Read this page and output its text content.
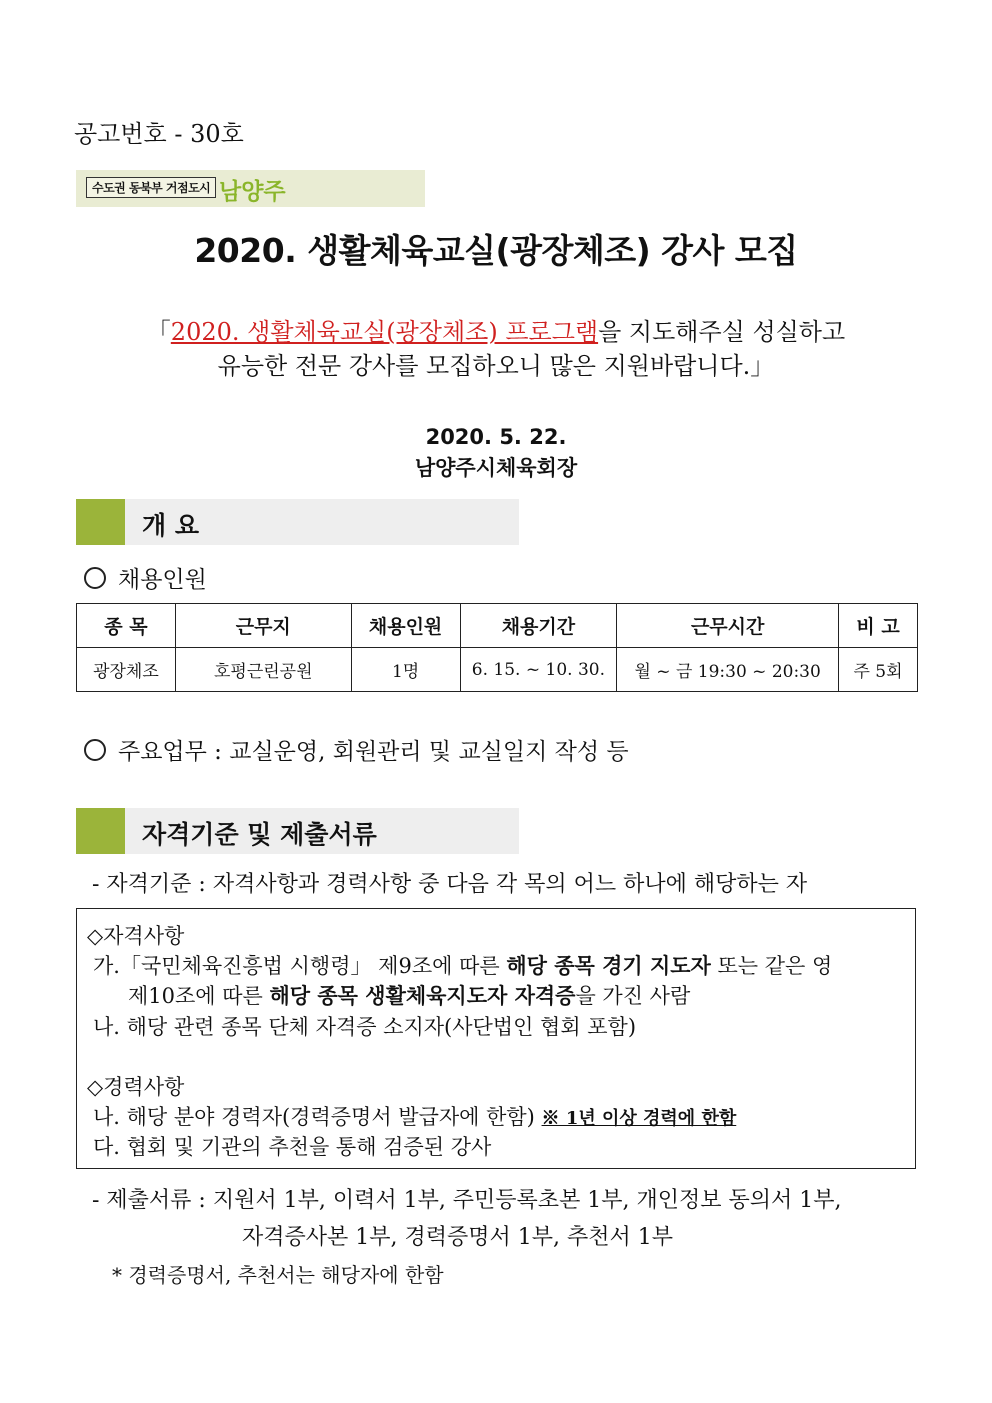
공고번호 - 30호
수도권 동북부 거점도시 남양주
2020. 생활체육교실(광장체조) 강사 모집
「2020. 생활체육교실(광장체조) 프로그램을 지도해주실 성실하고
유능한 전문 강사를 모집하오니 많은 지원바랍니다.」
2020. 5. 22.
남양주시체육회장
개 요
채용인원
종 목	근무지	채용인원	채용기간	근무시간	비 고
광장체조	호평근린공원	1명	6. 15. ~ 10. 30.	월 ~ 금 19:30 ~ 20:30	주 5회
주요업무 : 교실운영, 회원관리 및 교실일지 작성 등
자격기준 및 제출서류
- 자격기준 : 자격사항과 경력사항 중 다음 각 목의 어느 하나에 해당하는 자
◇자격사항
가.「국민체육진흥법 시행령」 제9조에 따른 해당 종목 경기 지도자 또는 같은 영
제10조에 따른 해당 종목 생활체육지도자 자격증을 가진 사람
나. 해당 관련 종목 단체 자격증 소지자(사단법인 협회 포함)
◇경력사항
나. 해당 분야 경력자(경력증명서 발급자에 한함) ※ 1년 이상 경력에 한함
다. 협회 및 기관의 추천을 통해 검증된 강사
- 제출서류 : 지원서 1부, 이력서 1부, 주민등록초본 1부, 개인정보 동의서 1부,
자격증사본 1부, 경력증명서 1부, 추천서 1부
* 경력증명서, 추천서는 해당자에 한함
